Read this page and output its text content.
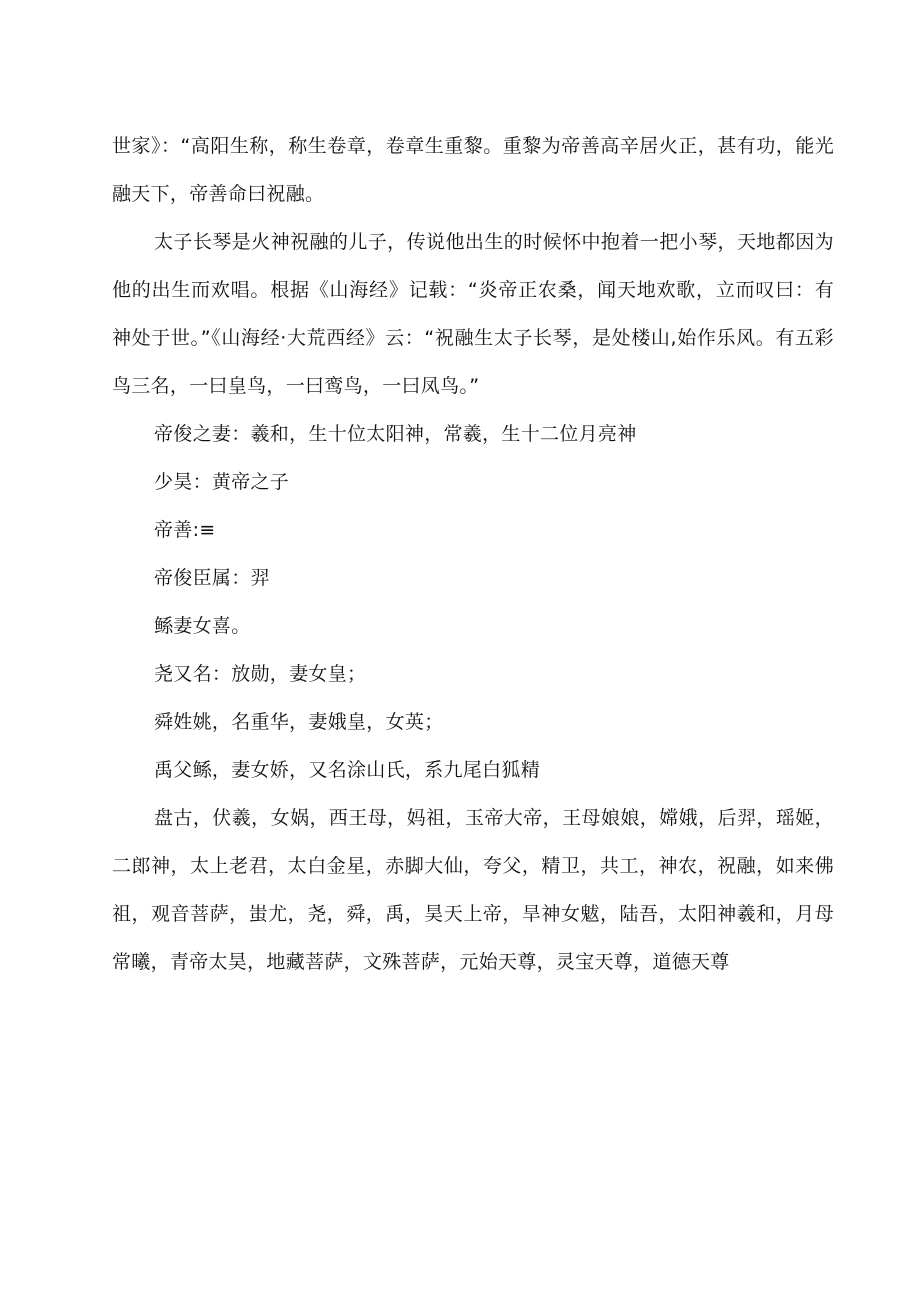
世家》：“高阳生称，称生卷章，卷章生重黎。重黎为帝善高辛居火正，甚有功，能光融天下，帝善命曰祝融。

太子长琴是火神祝融的儿子，传说他出生的时候怀中抱着一把小琴，天地都因为他的出生而欢唱。根据《山海经》记载：“炎帝正农桑，闻天地欢歌，立而叹曰：有神处于世。”《山海经·大荒西经》云：“祝融生太子长琴，是处楼山,始作乐风。有五彩鸟三名，一曰皇鸟，一曰鸾鸟，一曰凤鸟。”

帝俊之妻：羲和，生十位太阳神，常羲，生十二位月亮神

少昊：黄帝之子

帝善:≡

帝俊臣属：羿

鲧妻女喜。

尧又名：放勋，妻女皇；

舜姓姚，名重华，妻娥皇，女英；

禹父鲧，妻女娇，又名涂山氏，系九尾白狐精

盘古，伏羲，女娲，西王母，妈祖，玉帝大帝，王母娘娘，嫦娥，后羿，瑶姬，二郎神，太上老君，太白金星，赤脚大仙，夸父，精卫，共工，神农，祝融，如来佛祖，观音菩萨，蚩尤，尧，舜，禹，昊天上帝，旱神女魃，陆吾，太阳神羲和，月母常曦，青帝太昊，地藏菩萨，文殊菩萨，元始天尊，灵宝天尊，道德天尊
